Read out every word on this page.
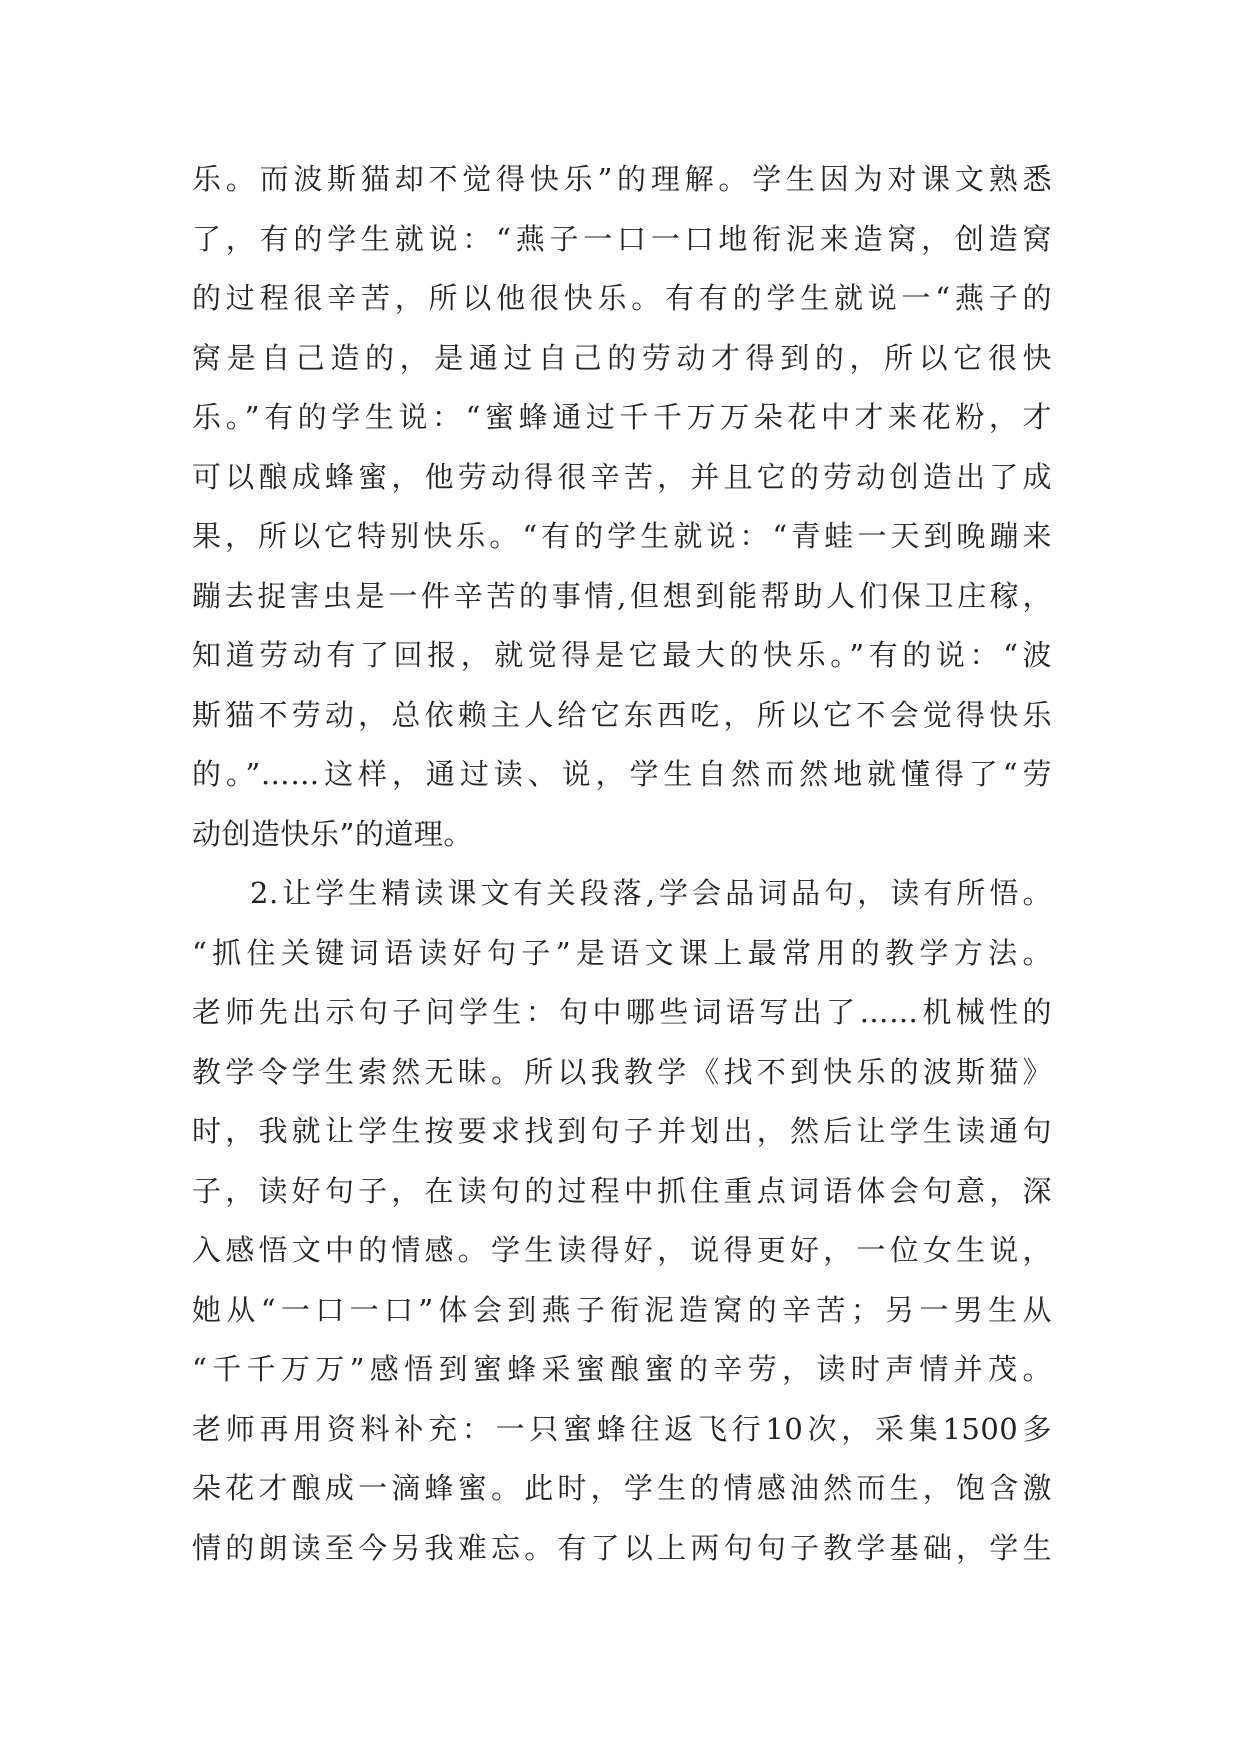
乐。而波斯猫却不觉得快乐”的理解。学生因为对课文熟悉
了，有的学生就说：“燕子一口一口地衔泥来造窝，创造窝
的过程很辛苦，所以他很快乐。有有的学生就说一“燕子的
窝是自己造的，是通过自己的劳动才得到的，所以它很快
乐。”有的学生说：“蜜蜂通过千千万万朵花中才来花粉，才
可以酿成蜂蜜，他劳动得很辛苦，并且它的劳动创造出了成
果，所以它特别快乐。“有的学生就说：“青蛙一天到晚蹦来
蹦去捉害虫是一件辛苦的事情,但想到能帮助人们保卫庄稼，
知道劳动有了回报，就觉得是它最大的快乐。”有的说：“波
斯猫不劳动，总依赖主人给它东西吃，所以它不会觉得快乐
的。”……这样，通过读、说，学生自然而然地就懂得了“劳
动创造快乐”的道理。
2.让学生精读课文有关段落,学会品词品句，读有所悟。
“抓住关键词语读好句子”是语文课上最常用的教学方法。
老师先出示句子问学生：句中哪些词语写出了……机械性的
教学令学生索然无昧。所以我教学《找不到快乐的波斯猫》
时，我就让学生按要求找到句子并划出，然后让学生读通句
子，读好句子，在读句的过程中抓住重点词语体会句意，深
入感悟文中的情感。学生读得好，说得更好，一位女生说，
她从“一口一口”体会到燕子衔泥造窝的辛苦；另一男生从
“千千万万”感悟到蜜蜂采蜜酿蜜的辛劳，读时声情并茂。
老师再用资料补充：一只蜜蜂往返飞行10次，采集1500多
朵花才酿成一滴蜂蜜。此时，学生的情感油然而生，饱含激
情的朗读至今另我难忘。有了以上两句句子教学基础，学生
